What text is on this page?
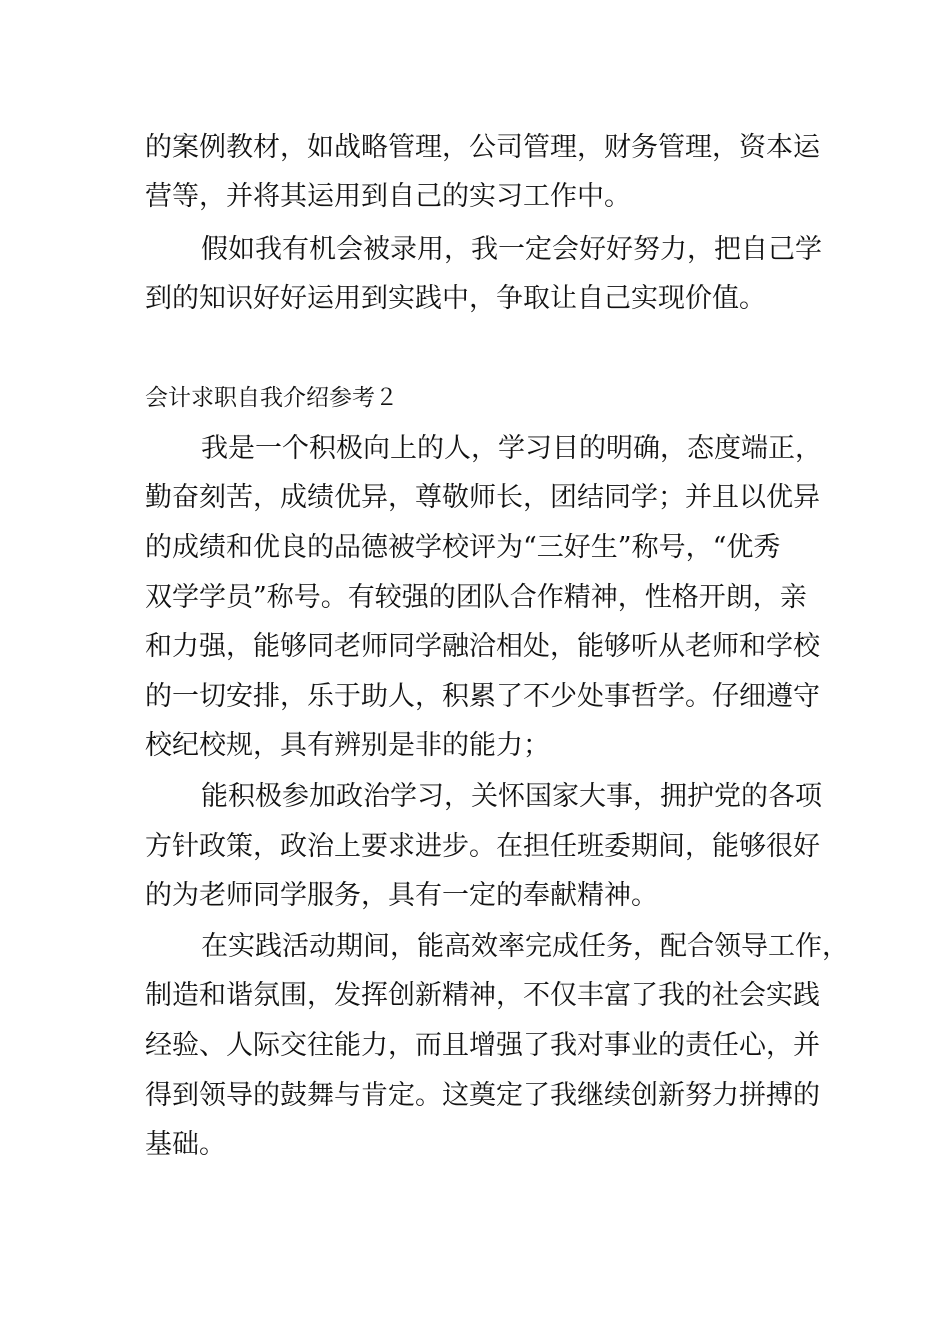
的案例教材，如战略管理，公司管理，财务管理，资本运
营等，并将其运用到自己的实习工作中。
假如我有机会被录用，我一定会好好努力，把自己学
到的知识好好运用到实践中，争取让自己实现价值。
会计求职自我介绍参考２
我是一个积极向上的人，学习目的明确，态度端正，
勤奋刻苦，成绩优异，尊敬师长，团结同学；并且以优异
的成绩和优良的品德被学校评为“三好生”称号，“优秀
双学学员”称号。有较强的团队合作精神，性格开朗，亲
和力强，能够同老师同学融洽相处，能够听从老师和学校
的一切安排，乐于助人，积累了不少处事哲学。仔细遵守
校纪校规，具有辨别是非的能力；
能积极参加政治学习，关怀国家大事，拥护党的各项
方针政策，政治上要求进步。在担任班委期间，能够很好
的为老师同学服务，具有一定的奉献精神。
在实践活动期间，能高效率完成任务，配合领导工作，
制造和谐氛围，发挥创新精神，不仅丰富了我的社会实践
经验、人际交往能力，而且增强了我对事业的责任心，并
得到领导的鼓舞与肯定。这奠定了我继续创新努力拼搏的
基础。
